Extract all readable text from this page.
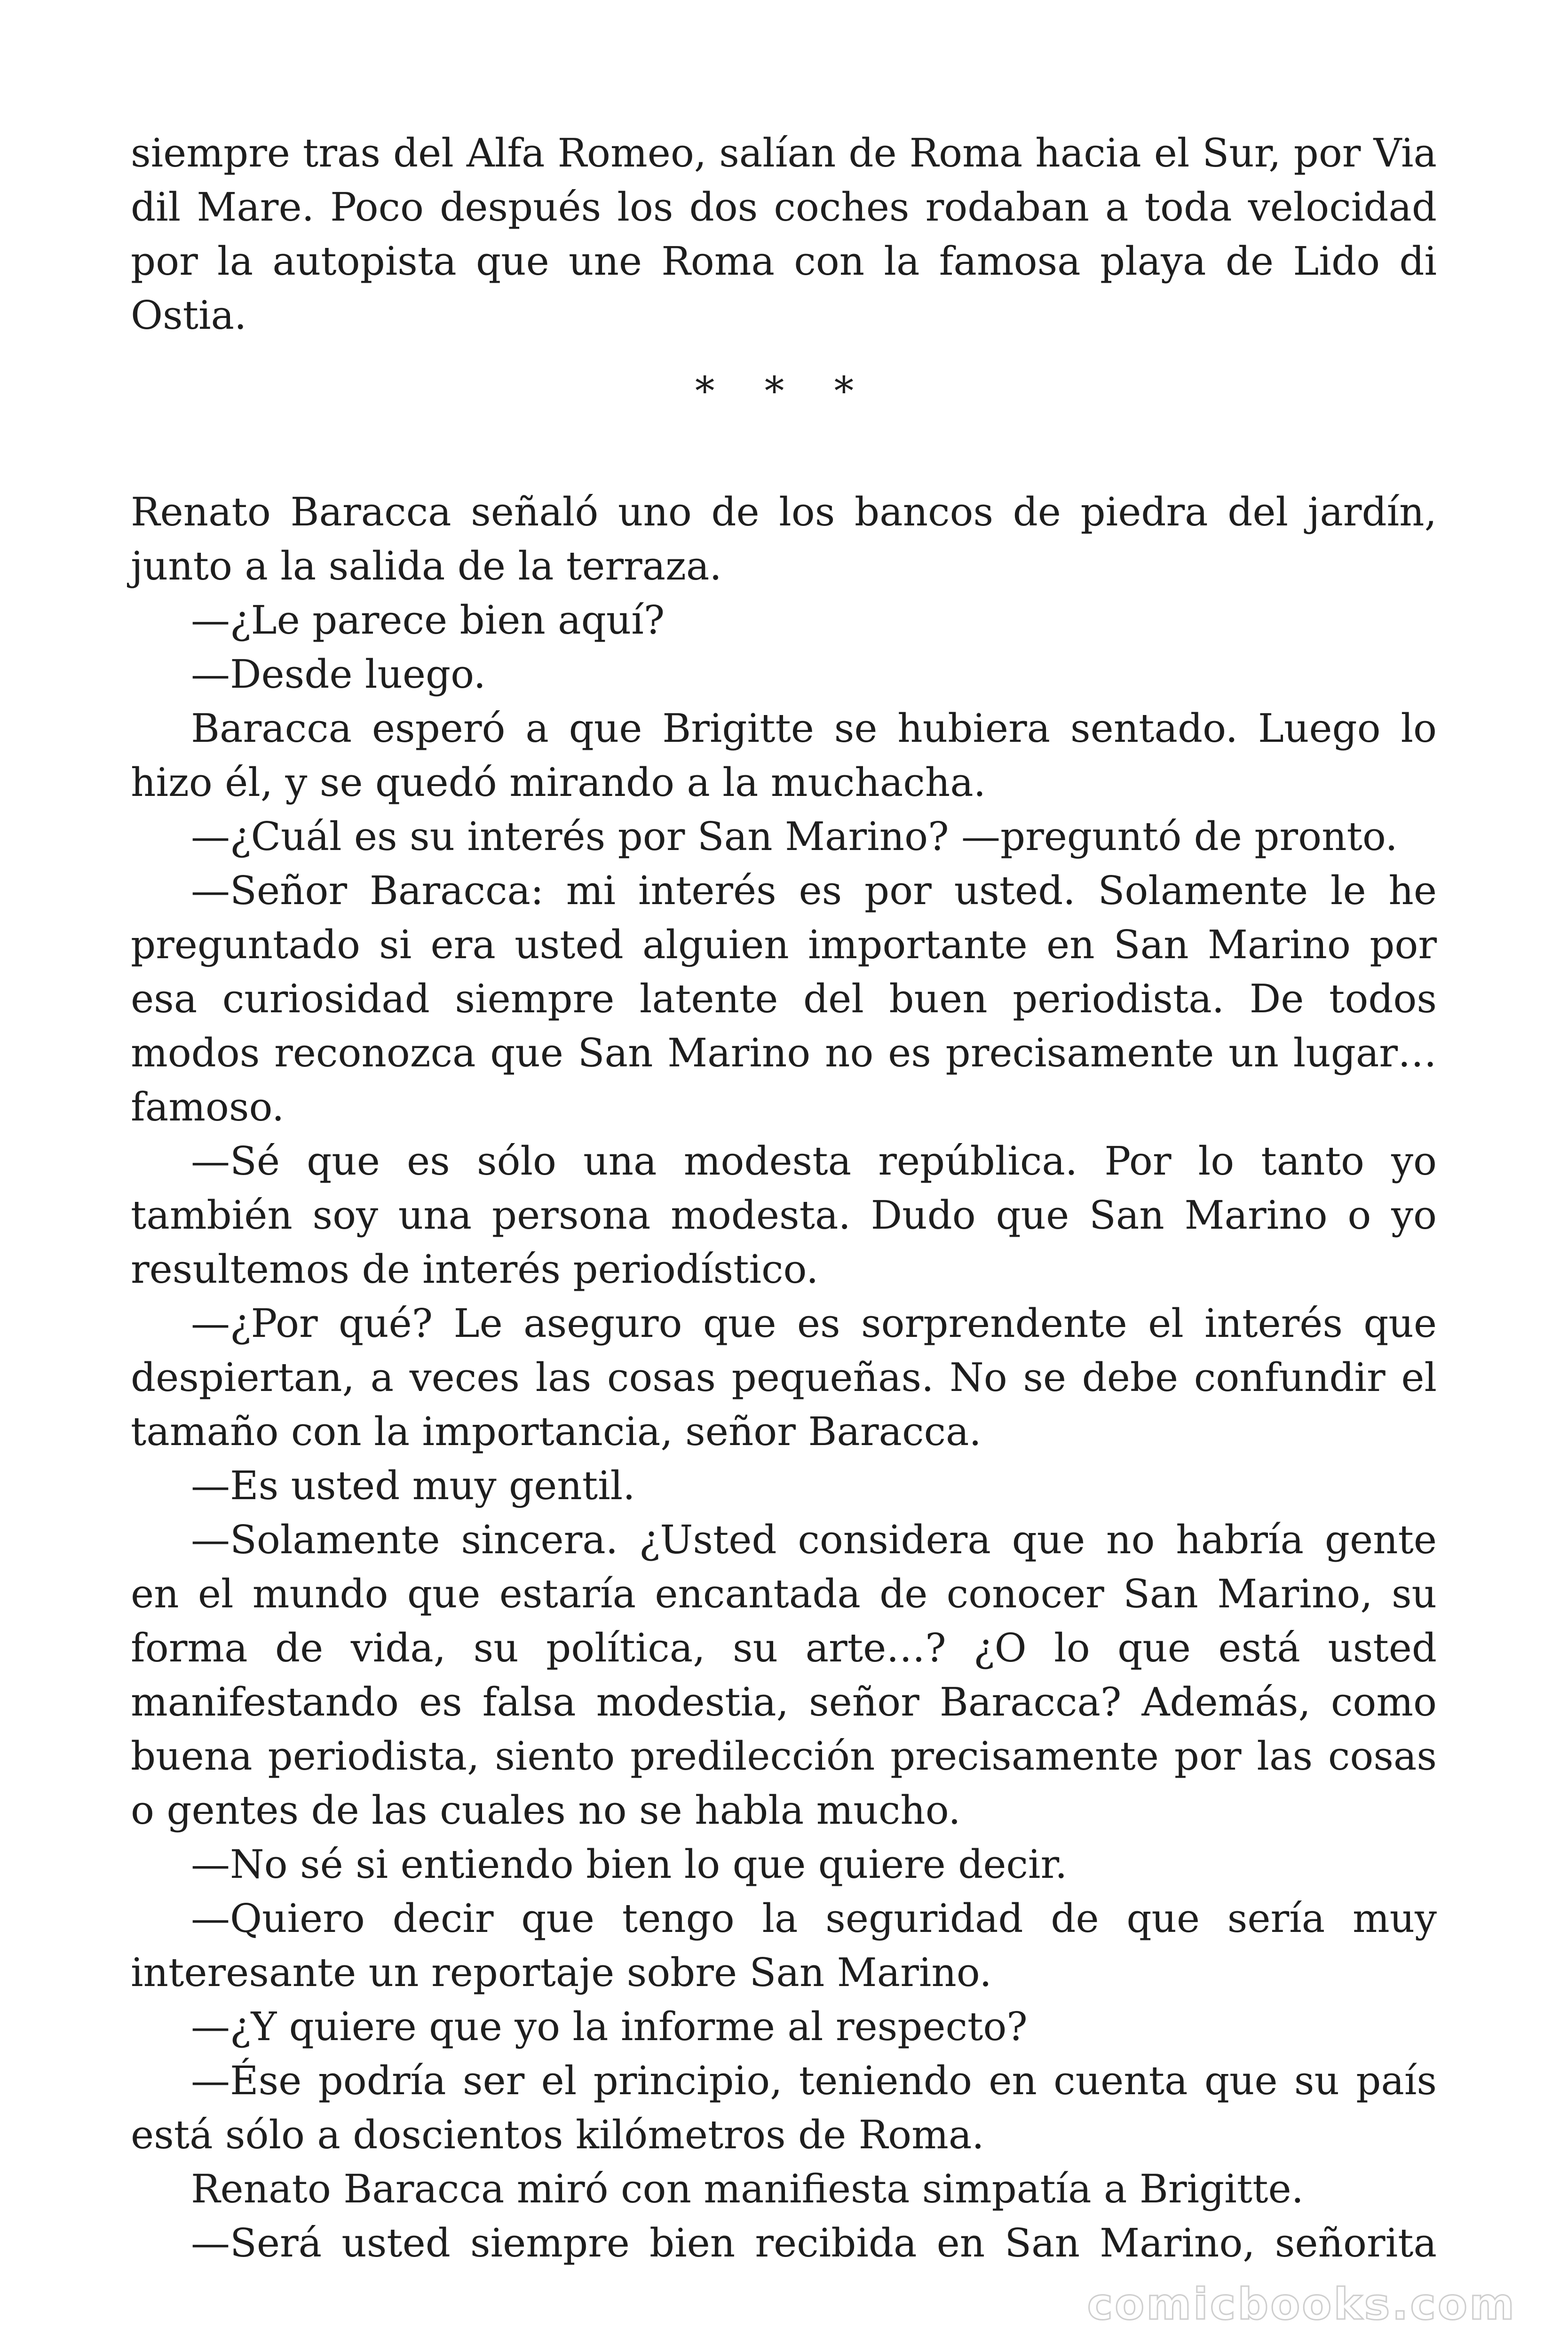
siempre tras del Alfa Romeo, salían de Roma hacia el Sur, por Via dil Mare. Poco después los dos coches rodaban a toda velocidad por la autopista que une Roma con la famosa playa de Lido di Ostia.

* * *

Renato Baracca señaló uno de los bancos de piedra del jardín, junto a la salida de la terraza.

—¿Le parece bien aquí?

—Desde luego.

Baracca esperó a que Brigitte se hubiera sentado. Luego lo hizo él, y se quedó mirando a la muchacha.

—¿Cuál es su interés por San Marino? —preguntó de pronto.

—Señor Baracca: mi interés es por usted. Solamente le he preguntado si era usted alguien importante en San Marino por esa curiosidad siempre latente del buen periodista. De todos modos reconozca que San Marino no es precisamente un lugar… famoso.

—Sé que es sólo una modesta república. Por lo tanto yo también soy una persona modesta. Dudo que San Marino o yo resultemos de interés periodístico.

—¿Por qué? Le aseguro que es sorprendente el interés que despiertan, a veces las cosas pequeñas. No se debe confundir el tamaño con la importancia, señor Baracca.

—Es usted muy gentil.

—Solamente sincera. ¿Usted considera que no habría gente en el mundo que estaría encantada de conocer San Marino, su forma de vida, su política, su arte…? ¿O lo que está usted manifestando es falsa modestia, señor Baracca? Además, como buena periodista, siento predilección precisamente por las cosas o gentes de las cuales no se habla mucho.

—No sé si entiendo bien lo que quiere decir.

—Quiero decir que tengo la seguridad de que sería muy interesante un reportaje sobre San Marino.

—¿Y quiere que yo la informe al respecto?

—Ése podría ser el principio, teniendo en cuenta que su país está sólo a doscientos kilómetros de Roma.

Renato Baracca miró con manifiesta simpatía a Brigitte.

—Será usted siempre bien recibida en San Marino, señorita

comicbooks.com
